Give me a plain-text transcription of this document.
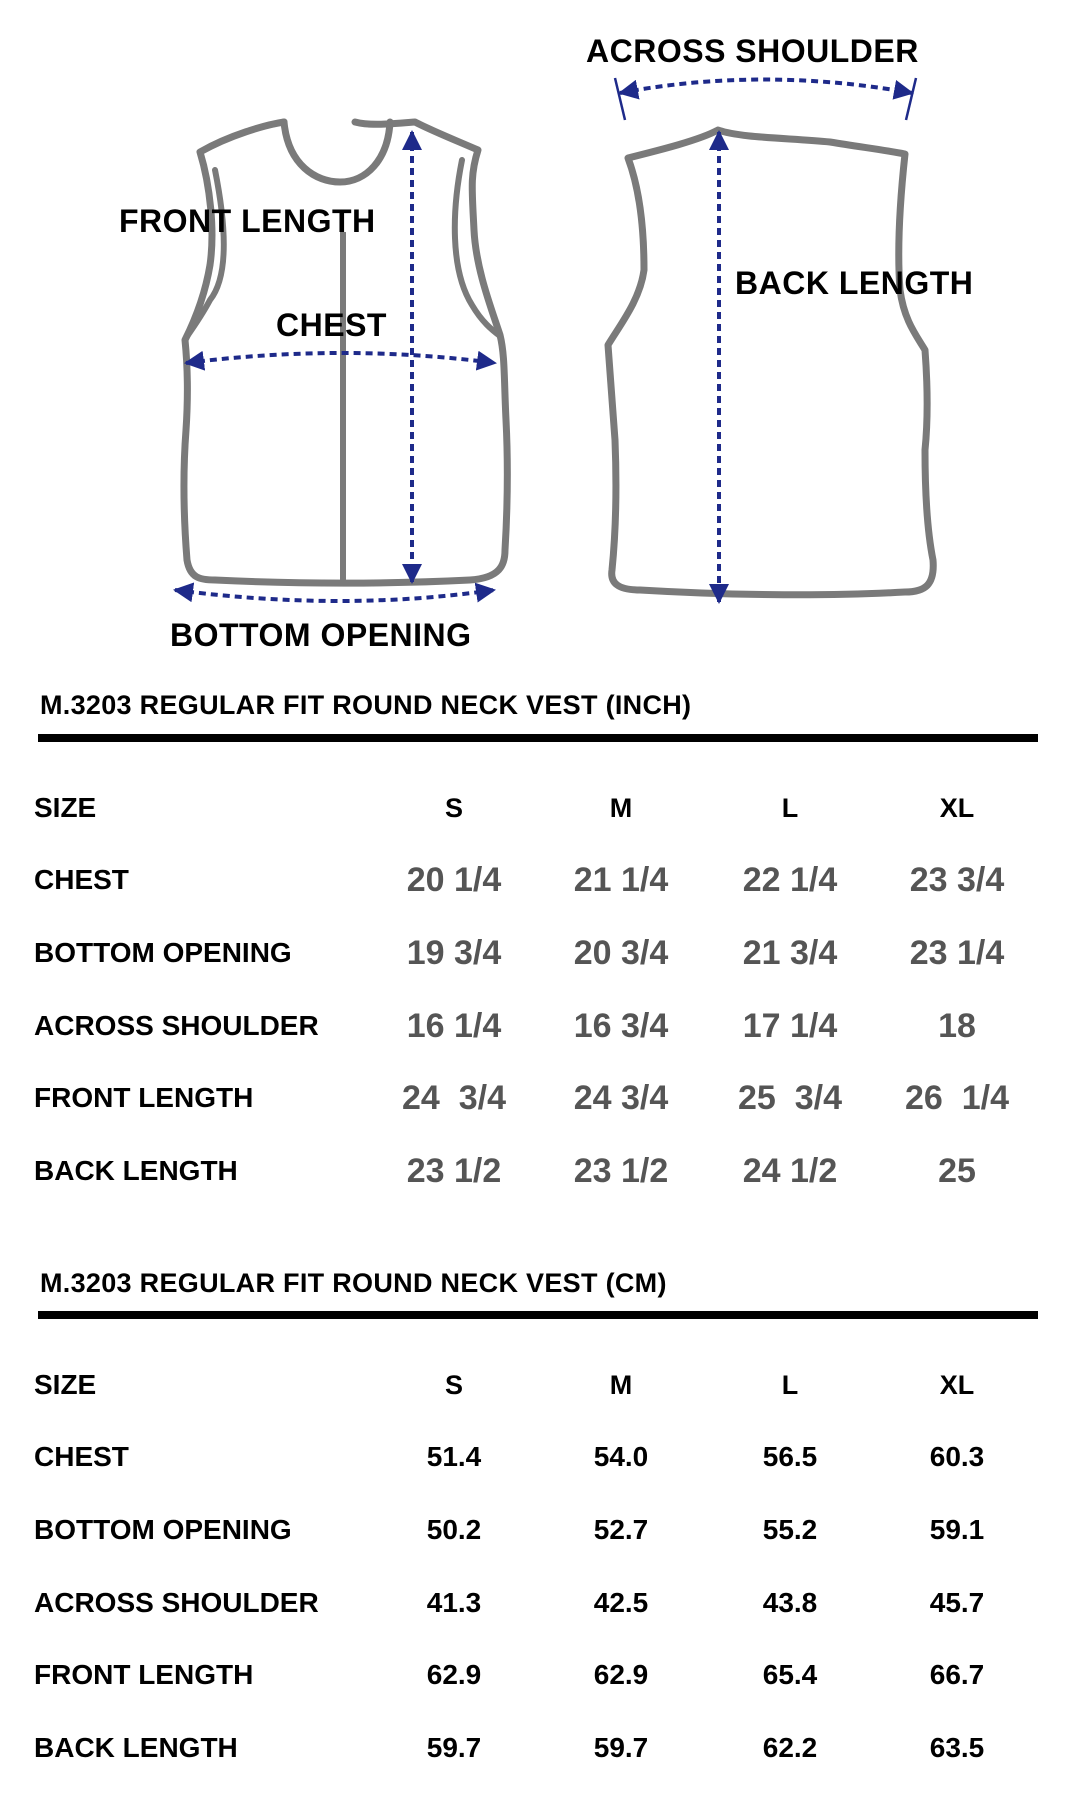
FRONT LENGTH
CHEST
BOTTOM OPENING
ACROSS SHOULDER
BACK LENGTH
M.3203 REGULAR FIT ROUND NECK VEST (INCH)
SIZE	S	M	L	XL
CHEST	20 1/4	21 1/4	22 1/4	23 3/4
BOTTOM OPENING	19 3/4	20 3/4	21 3/4	23 1/4
ACROSS SHOULDER	16 1/4	16 3/4	17 1/4	18
FRONT LENGTH	24  3/4	24 3/4	25  3/4	26  1/4
BACK LENGTH	23 1/2	23 1/2	24 1/2	25
M.3203 REGULAR FIT ROUND NECK VEST (CM)
SIZE	S	M	L	XL
CHEST	51.4	54.0	56.5	60.3
BOTTOM OPENING	50.2	52.7	55.2	59.1
ACROSS SHOULDER	41.3	42.5	43.8	45.7
FRONT LENGTH	62.9	62.9	65.4	66.7
BACK LENGTH	59.7	59.7	62.2	63.5
